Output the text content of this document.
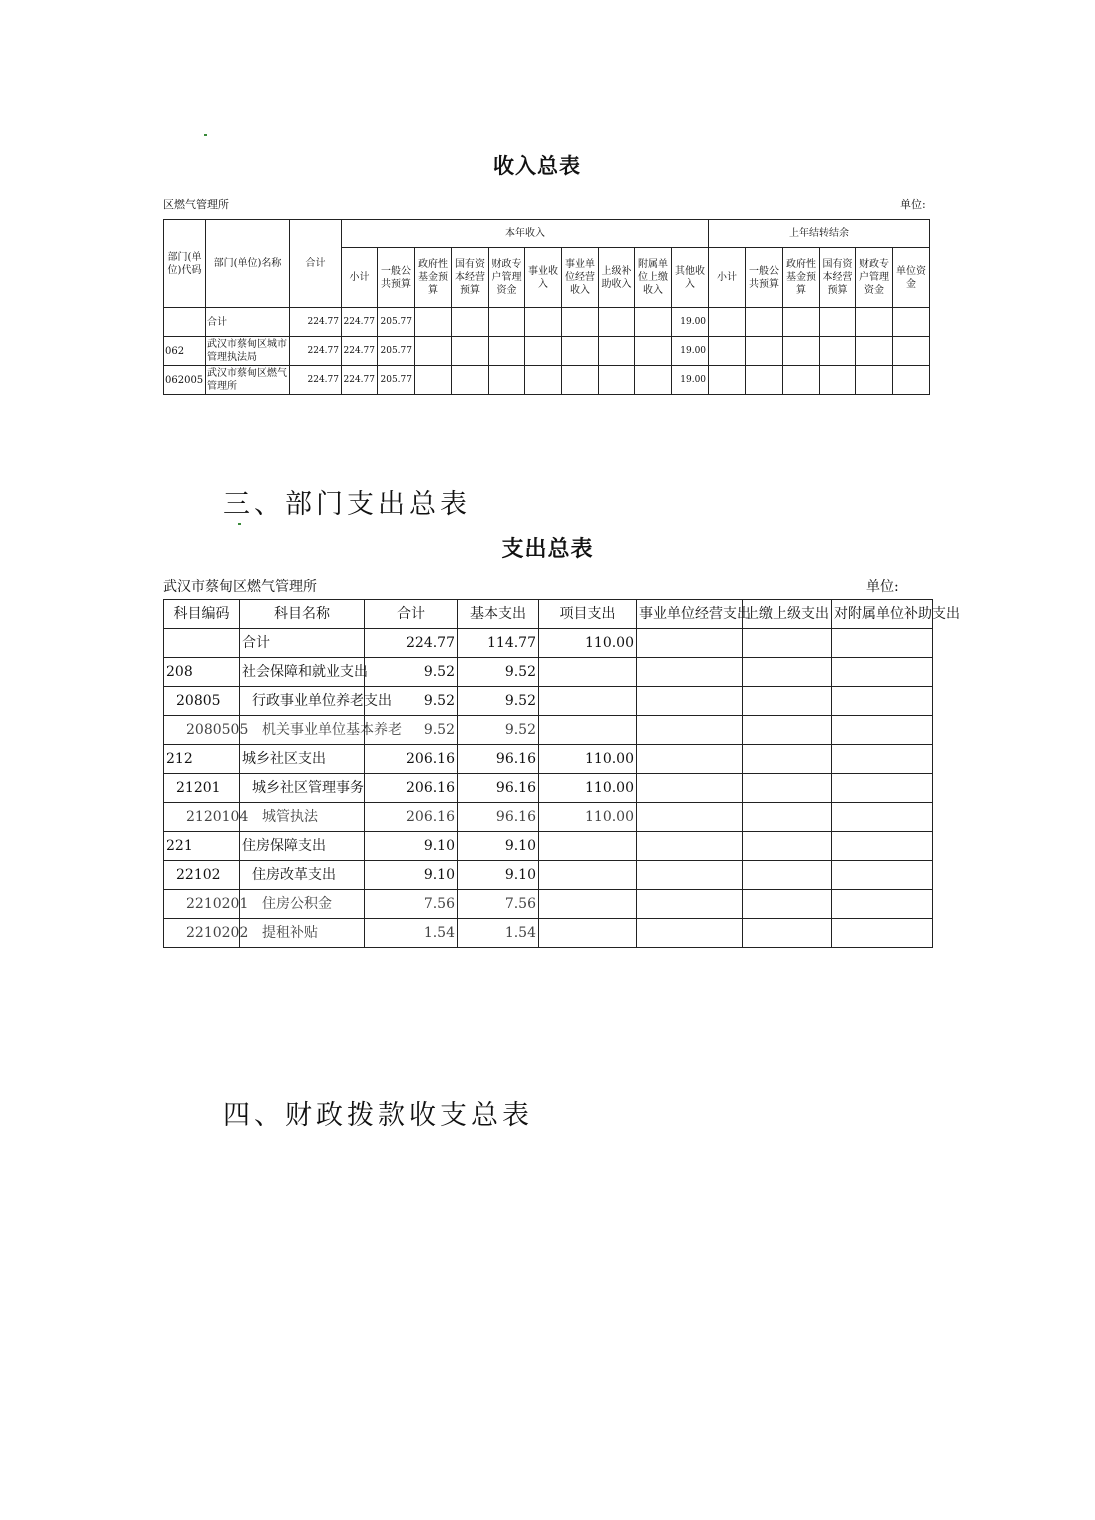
收入总表
区燃气管理所	单位:
部门(单位)代码	部门(单位)名称	合计	本年收入										上年结转结余					
			小计	一般公共预算	政府性基金预算	国有资本经营预算	财政专户管理资金	事业收入	事业单位经营收入	上级补助收入	附属单位上缴收入	其他收入	小计	一般公共预算	政府性基金预算	国有资本经营预算	财政专户管理资金	单位资金
	合计	224.77	224.77	205.77								19.00						
062	武汉市蔡甸区城市管理执法局	224.77	224.77	205.77								19.00						
062005	武汉市蔡甸区燃气管理所	224.77	224.77	205.77								19.00						
三、部门支出总表
支出总表
武汉市蔡甸区燃气管理所	单位:
科目编码	科目名称	合计	基本支出	项目支出	事业单位经营支出	上缴上级支出	对附属单位补助支出
	合计	224.77	114.77	110.00			
208	社会保障和就业支出	9.52	9.52				
20805	行政事业单位养老支出	9.52	9.52				
2080505	机关事业单位基本养老	9.52	9.52				
212	城乡社区支出	206.16	96.16	110.00			
21201	城乡社区管理事务	206.16	96.16	110.00			
2120104	城管执法	206.16	96.16	110.00			
221	住房保障支出	9.10	9.10				
22102	住房改革支出	9.10	9.10				
2210201	住房公积金	7.56	7.56				
2210202	提租补贴	1.54	1.54				
四、财政拨款收支总表
